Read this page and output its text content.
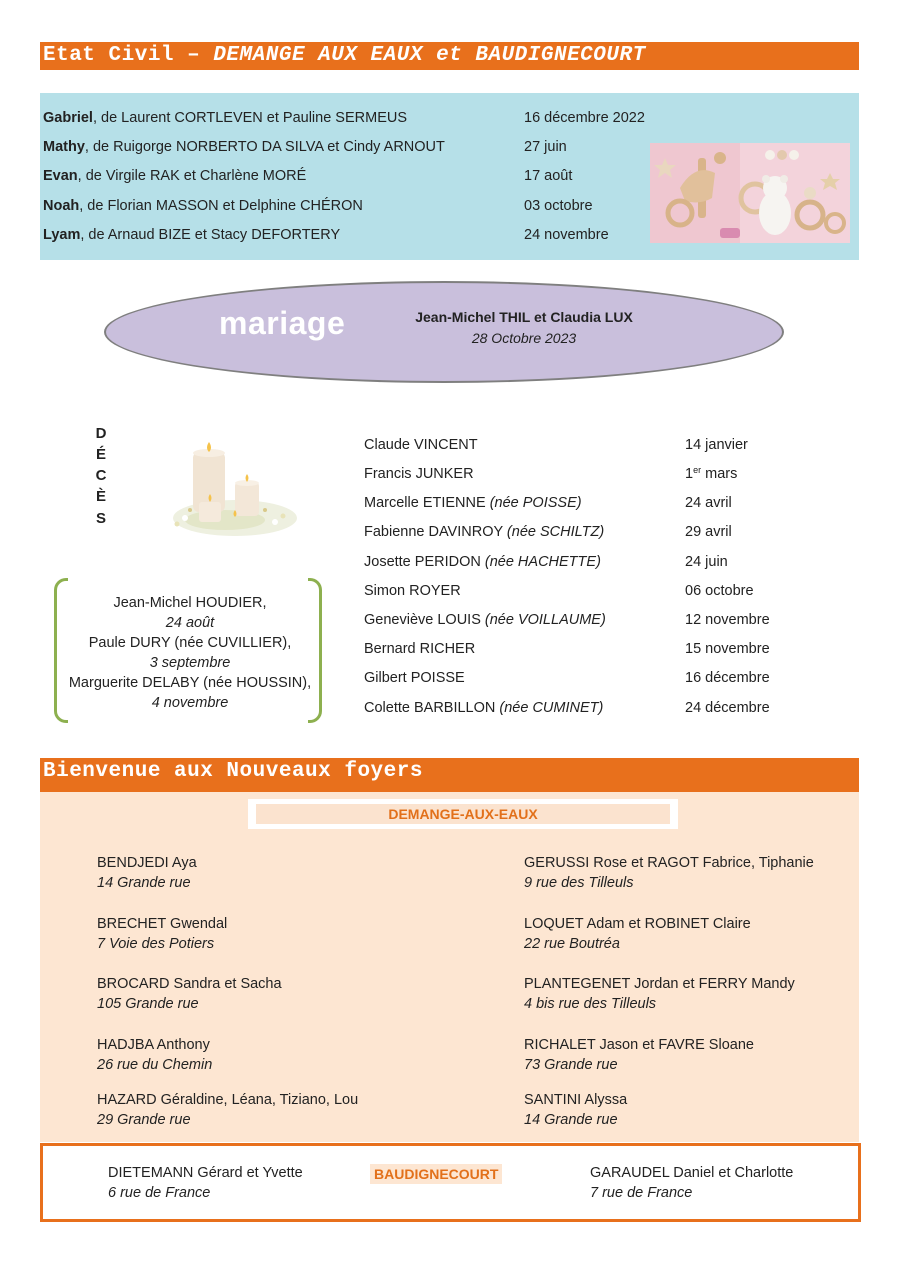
Etat Civil – DEMANGE AUX EAUX et BAUDIGNECOURT
Gabriel, de Laurent CORTLEVEN et Pauline SERMEUS	16 décembre 2022
Mathy, de Ruigorge NORBERTO DA SILVA et Cindy ARNOUT	27 juin
Evan, de Virgile RAK et Charlène MORÉ	17 août
Noah, de Florian MASSON et Delphine CHÉRON	03 octobre
Lyam, de Arnaud BIZE et Stacy DEFORTERY	24 novembre
mariage	Jean-Michel THIL et Claudia LUX
28 Octobre 2023
D
É
C
È
S
Claude VINCENT	14 janvier
Francis JUNKER	1er mars
Marcelle ETIENNE (née POISSE)	24 avril
Fabienne DAVINROY (née SCHILTZ)	29 avril
Josette PERIDON (née HACHETTE)	24 juin
Simon ROYER	06 octobre
Geneviève LOUIS (née VOILLAUME)	12 novembre
Bernard RICHER	15 novembre
Gilbert POISSE	16 décembre
Colette BARBILLON (née CUMINET)	24 décembre
Jean-Michel HOUDIER,
24 août
Paule DURY (née CUVILLIER),
3 septembre
Marguerite DELABY (née HOUSSIN),
4 novembre
Bienvenue aux Nouveaux foyers
DEMANGE-AUX-EAUX
BENDJEDI Aya
14 Grande rue
BRECHET Gwendal
7 Voie des Potiers
BROCARD Sandra et Sacha
105 Grande rue
HADJBA Anthony
26 rue du Chemin
HAZARD Géraldine, Léana, Tiziano, Lou
29 Grande rue
GERUSSI Rose et RAGOT Fabrice, Tiphanie
9 rue des Tilleuls
LOQUET Adam et ROBINET Claire
22 rue Boutréa
PLANTEGENET Jordan et FERRY Mandy
4 bis rue des Tilleuls
RICHALET Jason et FAVRE Sloane
73 Grande rue
SANTINI Alyssa
14 Grande rue
BAUDIGNECOURT
DIETEMANN Gérard et Yvette
6 rue de France
GARAUDEL Daniel et Charlotte
7 rue de France
